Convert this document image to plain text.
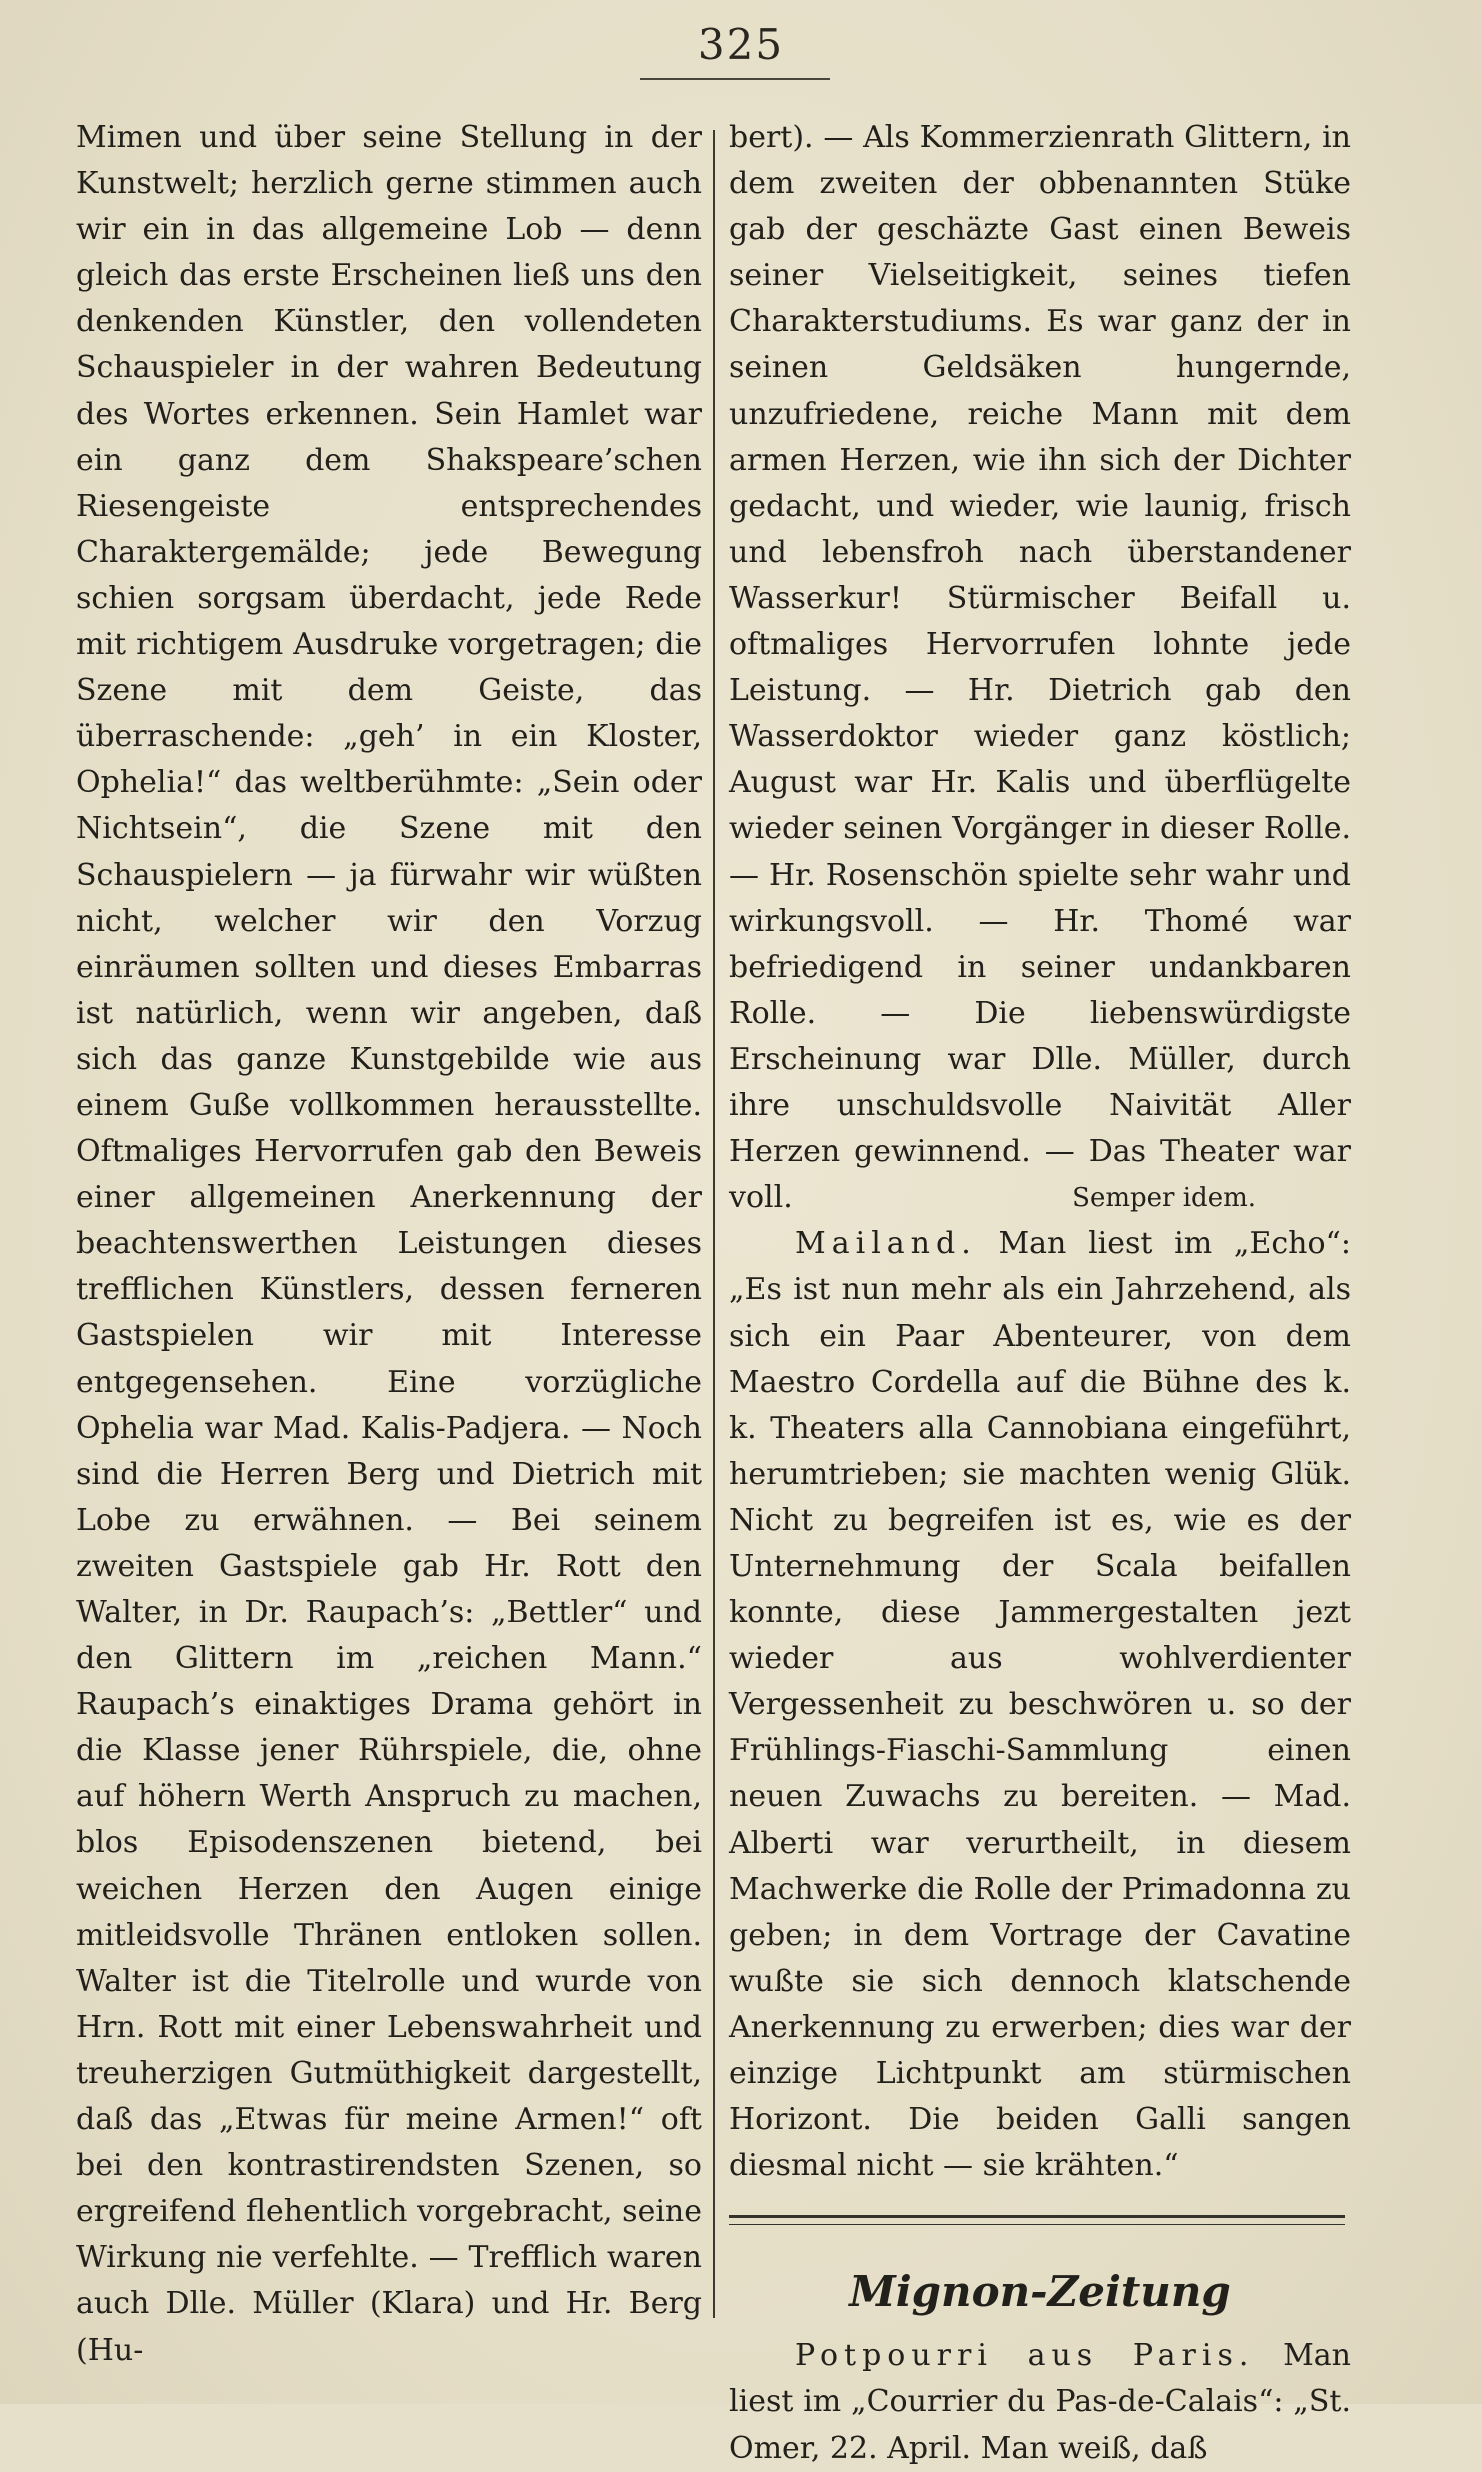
325

Mimen und über seine Stellung in der Kunstwelt; herzlich gerne stimmen auch wir ein in das allgemeine Lob — denn gleich das erste Erscheinen ließ uns den denkenden Künstler, den vollendeten Schauspieler in der wahren Bedeutung des Wortes erkennen. Sein Hamlet war ein ganz dem Shakspeare’schen Riesengeiste entsprechendes Charaktergemälde; jede Bewegung schien sorgsam überdacht, jede Rede mit richtigem Ausdruke vorgetragen; die Szene mit dem Geiste, das überraschende: „geh’ in ein Kloster, Ophelia!“ das weltberühmte: „Sein oder Nichtsein“, die Szene mit den Schauspielern — ja fürwahr wir wüßten nicht, welcher wir den Vorzug einräumen sollten und dieses Embarras ist natürlich, wenn wir angeben, daß sich das ganze Kunstgebilde wie aus einem Guße vollkommen herausstellte. Oftmaliges Hervorrufen gab den Beweis einer allgemeinen Anerkennung der beachtenswerthen Leistungen dieses trefflichen Künstlers, dessen ferneren Gastspielen wir mit Interesse entgegensehen. Eine vorzügliche Ophelia war Mad. Kalis-Padjera. — Noch sind die Herren Berg und Dietrich mit Lobe zu erwähnen. — Bei seinem zweiten Gastspiele gab Hr. Rott den Walter, in Dr. Raupach’s: „Bettler“ und den Glittern im „reichen Mann.“ Raupach’s einaktiges Drama gehört in die Klasse jener Rührspiele, die, ohne auf höhern Werth Anspruch zu machen, blos Episodenszenen bietend, bei weichen Herzen den Augen einige mitleidsvolle Thränen entloken sollen. Walter ist die Titelrolle und wurde von Hrn. Rott mit einer Lebenswahrheit und treuherzigen Gutmüthigkeit dargestellt, daß das „Etwas für meine Armen!“ oft bei den kontrastirendsten Szenen, so ergreifend flehentlich vorgebracht, seine Wirkung nie verfehlte. — Trefflich waren auch Dlle. Müller (Klara) und Hr. Berg (Hu-

bert). — Als Kommerzienrath Glittern, in dem zweiten der obbenannten Stüke gab der geschäzte Gast einen Beweis seiner Vielseitigkeit, seines tiefen Charakterstudiums. Es war ganz der in seinen Geldsäken hungernde, unzufriedene, reiche Mann mit dem armen Herzen, wie ihn sich der Dichter gedacht, und wieder, wie launig, frisch und lebensfroh nach überstandener Wasserkur! Stürmischer Beifall u. oftmaliges Hervorrufen lohnte jede Leistung. — Hr. Dietrich gab den Wasserdoktor wieder ganz köstlich; August war Hr. Kalis und überflügelte wieder seinen Vorgänger in dieser Rolle. — Hr. Rosenschön spielte sehr wahr und wirkungsvoll. — Hr. Thomé war befriedigend in seiner undankbaren Rolle. — Die liebenswürdigste Erscheinung war Dlle. Müller, durch ihre unschuldsvolle Naivität Aller Herzen gewinnend. — Das Theater war voll.	Semper idem.

Mailand. Man liest im „Echo“: „Es ist nun mehr als ein Jahrzehend, als sich ein Paar Abenteurer, von dem Maestro Cordella auf die Bühne des k. k. Theaters alla Cannobiana eingeführt, herumtrieben; sie machten wenig Glük. Nicht zu begreifen ist es, wie es der Unternehmung der Scala beifallen konnte, diese Jammergestalten jezt wieder aus wohlverdienter Vergessenheit zu beschwören u. so der Frühlings-Fiaschi-Sammlung einen neuen Zuwachs zu bereiten. — Mad. Alberti war verurtheilt, in diesem Machwerke die Rolle der Primadonna zu geben; in dem Vortrage der Cavatine wußte sie sich dennoch klatschende Anerkennung zu erwerben; dies war der einzige Lichtpunkt am stürmischen Horizont. Die beiden Galli sangen diesmal nicht — sie krähten.“

Mignon-Zeitung

Potpourri aus Paris. Man liest im „Courrier du Pas-de-Calais“: „St. Omer, 22. April. Man weiß, daß
